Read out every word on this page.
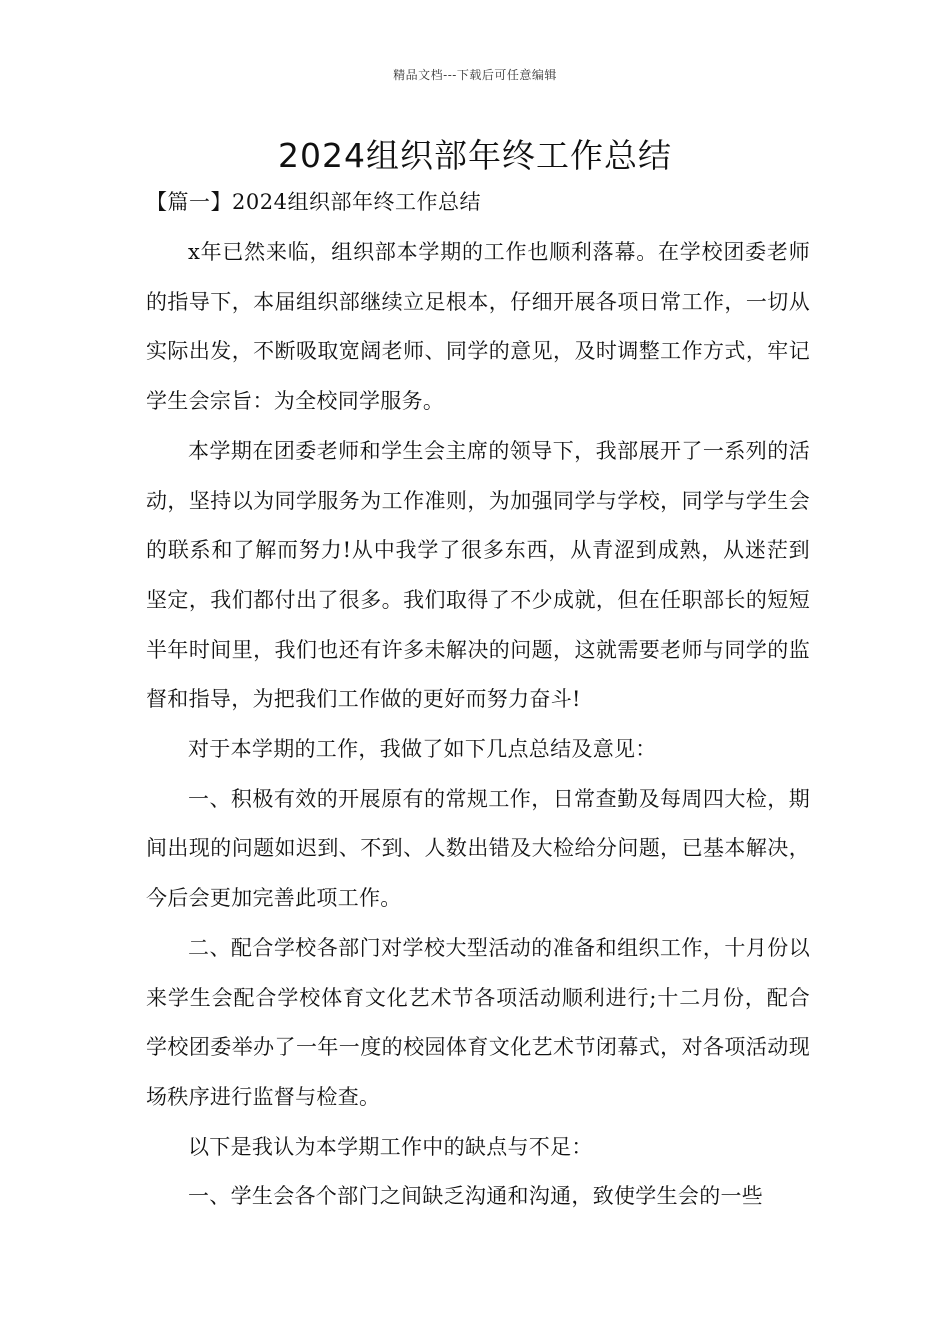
精品文档---下载后可任意编辑
2024组织部年终工作总结
【篇一】2024组织部年终工作总结

x年已然来临，组织部本学期的工作也顺利落幕。在学校团委老师的指导下，本届组织部继续立足根本，仔细开展各项日常工作，一切从实际出发，不断吸取宽阔老师、同学的意见，及时调整工作方式，牢记学生会宗旨：为全校同学服务。

本学期在团委老师和学生会主席的领导下，我部展开了一系列的活动，坚持以为同学服务为工作准则，为加强同学与学校，同学与学生会的联系和了解而努力!从中我学了很多东西，从青涩到成熟，从迷茫到坚定，我们都付出了很多。我们取得了不少成就，但在任职部长的短短半年时间里，我们也还有许多未解决的问题，这就需要老师与同学的监督和指导，为把我们工作做的更好而努力奋斗!

对于本学期的工作，我做了如下几点总结及意见：

一、积极有效的开展原有的常规工作，日常查勤及每周四大检，期间出现的问题如迟到、不到、人数出错及大检给分问题，已基本解决，今后会更加完善此项工作。

二、配合学校各部门对学校大型活动的准备和组织工作，十月份以来学生会配合学校体育文化艺术节各项活动顺利进行;十二月份，配合学校团委举办了一年一度的校园体育文化艺术节闭幕式，对各项活动现场秩序进行监督与检查。

以下是我认为本学期工作中的缺点与不足：

一、学生会各个部门之间缺乏沟通和沟通，致使学生会的一些
